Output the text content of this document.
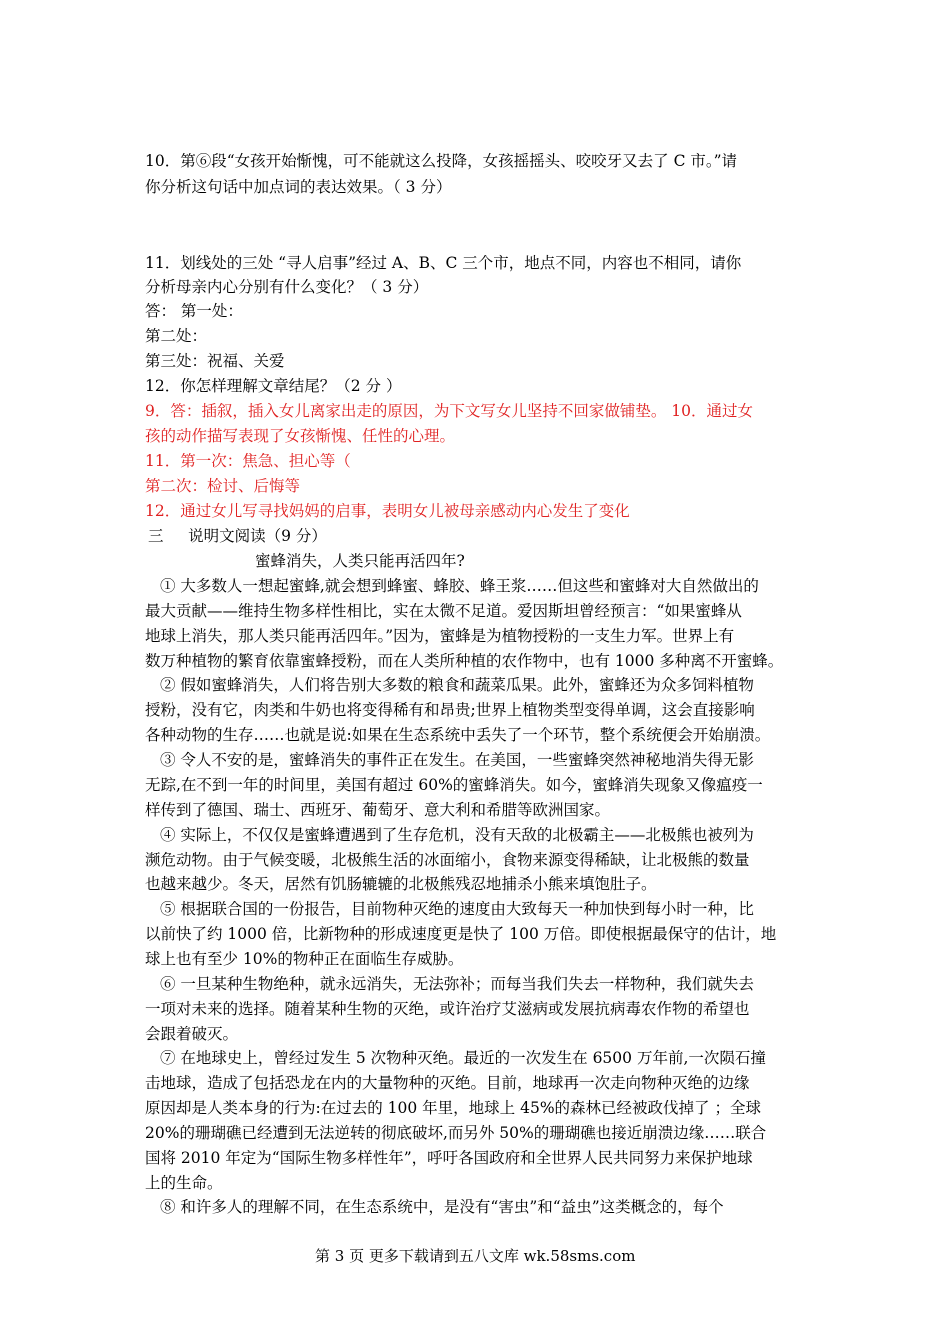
10．第⑥段“女孩开始惭愧，可不能就这么投降，女孩摇摇头、咬咬牙又去了 C 市。”请
你分析这句话中加点词的表达效果。（ 3 分）
11．划线处的三处 “寻人启事”经过 A、B、C 三个市，地点不同，内容也不相同，请你
分析母亲内心分别有什么变化？（ 3 分）
答： 第一处：
第二处：
第三处：祝福、关爱
12．你怎样理解文章结尾？（2 分 ）
9．答：插叙，插入女儿离家出走的原因，为下文写女儿坚持不回家做铺垫。 10．通过女
孩的动作描写表现了女孩惭愧、任性的心理。
11．第一次：焦急、担心等（
第二次：检讨、后悔等
12．通过女儿写寻找妈妈的启事，表明女儿被母亲感动内心发生了变化
三     说明文阅读（9 分）
蜜蜂消失，人类只能再活四年?
① 大多数人一想起蜜蜂,就会想到蜂蜜、蜂胶、蜂王浆……但这些和蜜蜂对大自然做出的
最大贡献——维持生物多样性相比，实在太微不足道。爱因斯坦曾经预言：“如果蜜蜂从
地球上消失，那人类只能再活四年。”因为，蜜蜂是为植物授粉的一支生力军。世界上有
数万种植物的繁育依靠蜜蜂授粉，而在人类所种植的农作物中，也有 1000 多种离不开蜜蜂。
② 假如蜜蜂消失，人们将告别大多数的粮食和蔬菜瓜果。此外，蜜蜂还为众多饲料植物
授粉，没有它，肉类和牛奶也将变得稀有和昂贵;世界上植物类型变得单调，这会直接影响
各种动物的生存……也就是说:如果在生态系统中丢失了一个环节，整个系统便会开始崩溃。
③ 令人不安的是，蜜蜂消失的事件正在发生。在美国，一些蜜蜂突然神秘地消失得无影
无踪,在不到一年的时间里，美国有超过 60%的蜜蜂消失。如今，蜜蜂消失现象又像瘟疫一
样传到了德国、瑞士、西班牙、葡萄牙、意大利和希腊等欧洲国家。
④ 实际上，不仅仅是蜜蜂遭遇到了生存危机，没有天敌的北极霸主——北极熊也被列为
濒危动物。由于气候变暖，北极熊生活的冰面缩小，食物来源变得稀缺，让北极熊的数量
也越来越少。冬天，居然有饥肠辘辘的北极熊残忍地捕杀小熊来填饱肚子。
⑤ 根据联合国的一份报告，目前物种灭绝的速度由大致每天一种加快到每小时一种，比
以前快了约 1000 倍，比新物种的形成速度更是快了 100 万倍。即使根据最保守的估计，地
球上也有至少 10%的物种正在面临生存威胁。
⑥ 一旦某种生物绝种，就永远消失，无法弥补；而每当我们失去一样物种，我们就失去
一项对未来的选择。随着某种生物的灭绝，或许治疗艾滋病或发展抗病毒农作物的希望也
会跟着破灭。
⑦ 在地球史上，曾经过发生 5 次物种灭绝。最近的一次发生在 6500 万年前,一次陨石撞
击地球，造成了包括恐龙在内的大量物种的灭绝。目前，地球再一次走向物种灭绝的边缘
原因却是人类本身的行为:在过去的 100 年里，地球上 45%的森林已经被政伐掉了 ；全球
20%的珊瑚礁已经遭到无法逆转的彻底破坏,而另外 50%的珊瑚礁也接近崩溃边缘……联合
国将 2010 年定为“国际生物多样性年”，呼吁各国政府和全世界人民共同努力来保护地球
上的生命。
⑧ 和许多人的理解不同，在生态系统中，是没有“害虫”和“益虫”这类概念的，每个
第 3 页 更多下载请到五八文库 wk.58sms.com
